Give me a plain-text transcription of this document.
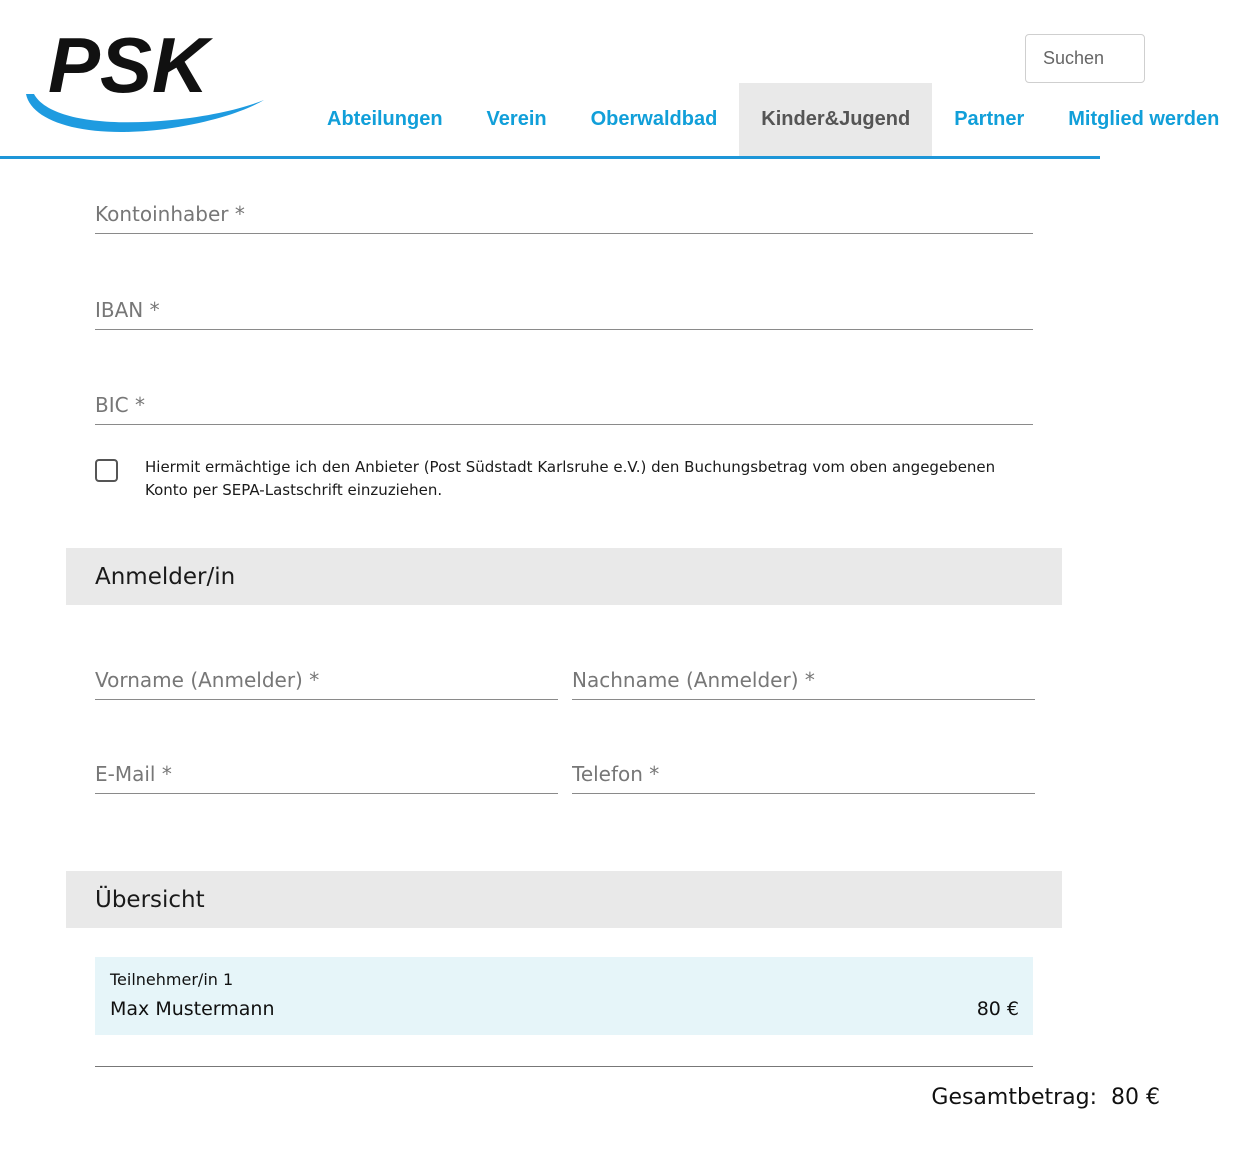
PSK
Abteilungen	Verein	Oberwaldbad	Kinder&Jugend	Partner	Mitglied werden
Suchen
Kontoinhaber *
IBAN *
BIC *
Hiermit ermächtige ich den Anbieter (Post Südstadt Karlsruhe e.V.) den Buchungsbetrag vom oben angegebenen Konto per SEPA-Lastschrift einzuziehen.
Anmelder/in
Vorname (Anmelder) *
Nachname (Anmelder) *
E-Mail *
Telefon *
Übersicht
Teilnehmer/in 1
Max Mustermann	80 €
Gesamtbetrag: 80 €
